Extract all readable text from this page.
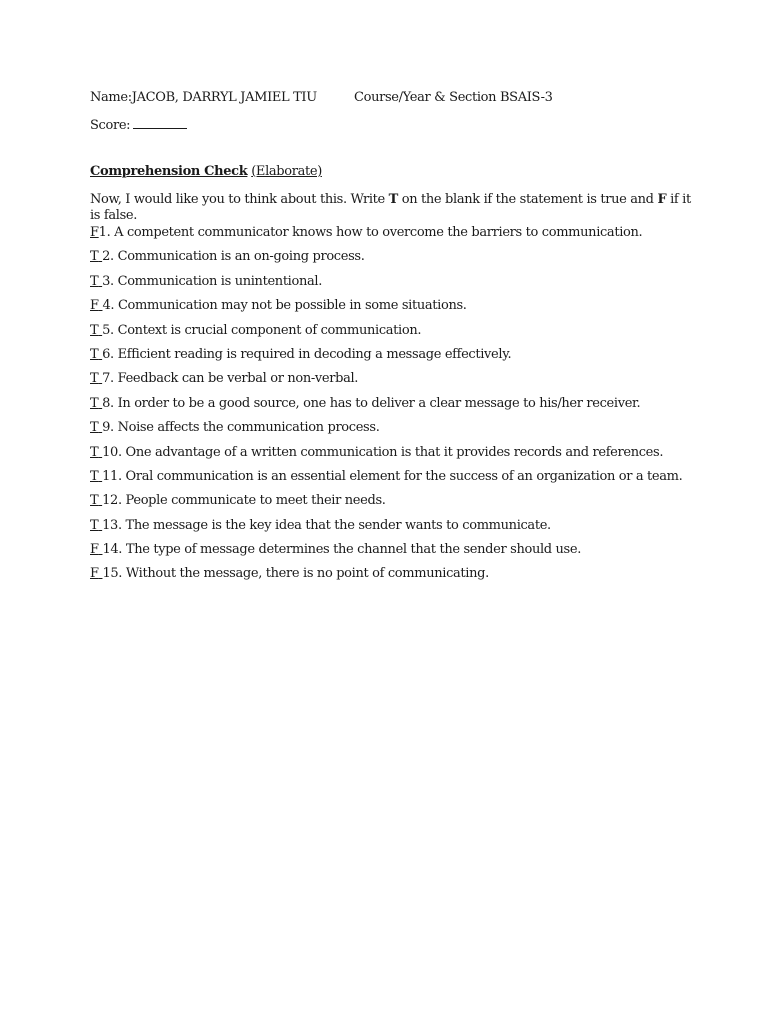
Name:JACOB, DARRYL JAMIEL TIU	Course/Year & Section BSAIS-3
Score:
Comprehension Check (Elaborate)
Now, I would like you to think about this. Write T on the blank if the statement is true and F if it is false.
F1. A competent communicator knows how to overcome the barriers to communication.
T 2. Communication is an on-going process.
T 3. Communication is unintentional.
F 4. Communication may not be possible in some situations.
T 5. Context is crucial component of communication.
T 6. Efficient reading is required in decoding a message effectively.
T 7. Feedback can be verbal or non-verbal.
T 8. In order to be a good source, one has to deliver a clear message to his/her receiver.
T 9. Noise affects the communication process.
T 10. One advantage of a written communication is that it provides records and references.
T 11. Oral communication is an essential element for the success of an organization or a team.
T 12. People communicate to meet their needs.
T 13. The message is the key idea that the sender wants to communicate.
F 14. The type of message determines the channel that the sender should use.
F 15. Without the message, there is no point of communicating.
